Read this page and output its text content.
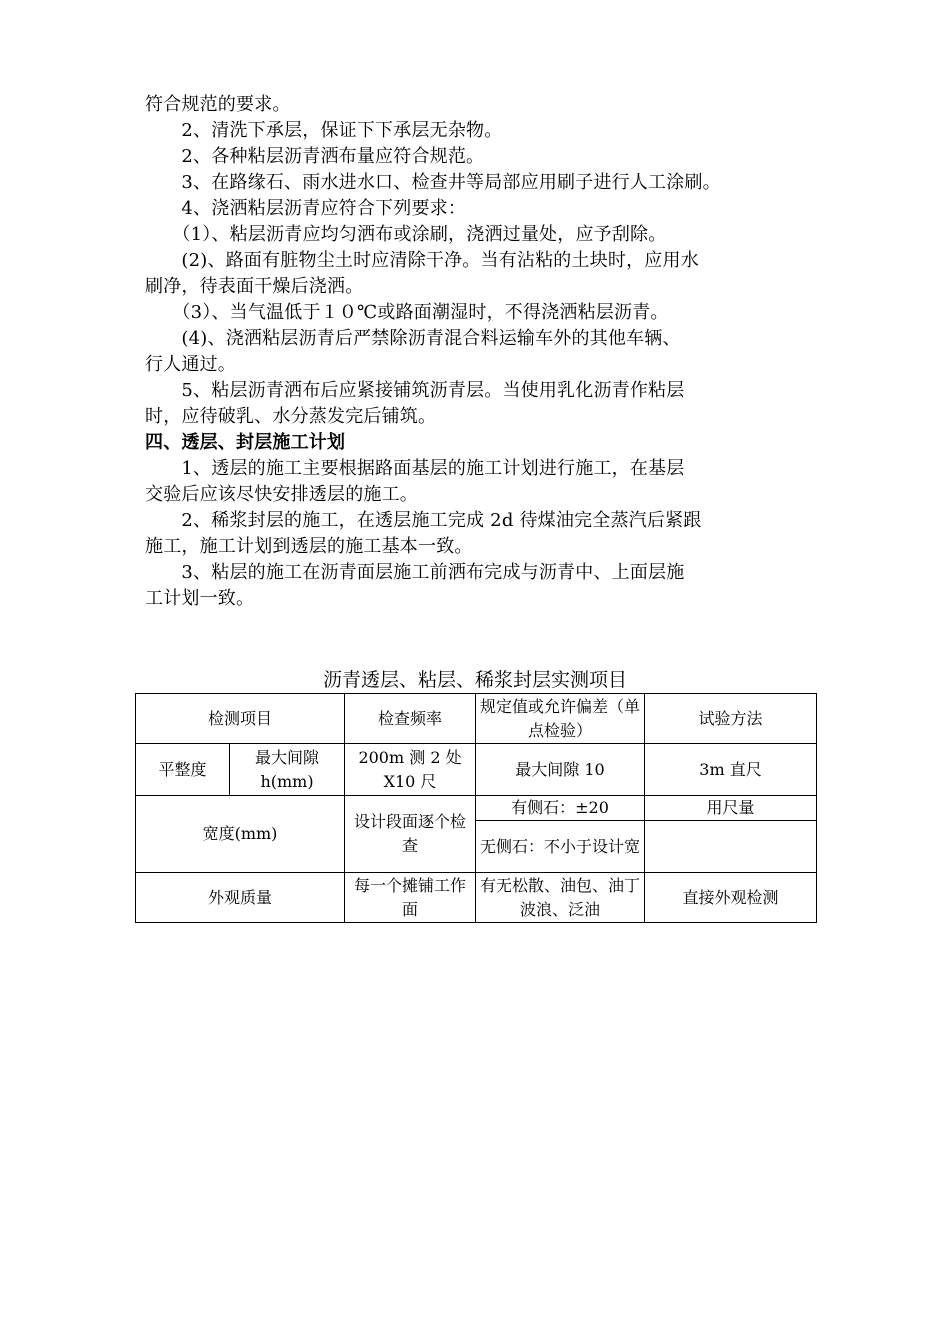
符合规范的要求。
　　2、清洗下承层，保证下下承层无杂物。
　　2、各种粘层沥青洒布量应符合规范。
　　3、在路缘石、雨水进水口、检查井等局部应用刷子进行人工涂刷。
　　4、浇洒粘层沥青应符合下列要求：
　　（1）、粘层沥青应均匀洒布或涂刷，浇洒过量处，应予刮除。
　　(2)、路面有脏物尘土时应清除干净。当有沾粘的土块时，应用水
刷净，待表面干燥后浇洒。
　　（3）、当气温低于１０℃或路面潮湿时，不得浇洒粘层沥青。
　　(4)、浇洒粘层沥青后严禁除沥青混合料运输车外的其他车辆、
行人通过。
　　5、粘层沥青洒布后应紧接铺筑沥青层。当使用乳化沥青作粘层
时，应待破乳、水分蒸发完后铺筑。
四、透层、封层施工计划
　　1、透层的施工主要根据路面基层的施工计划进行施工，在基层
交验后应该尽快安排透层的施工。
　　2、稀浆封层的施工，在透层施工完成 2d 待煤油完全蒸汽后紧跟
施工，施工计划到透层的施工基本一致。
　　3、粘层的施工在沥青面层施工前洒布完成与沥青中、上面层施
工计划一致。
沥青透层、粘层、稀浆封层实测项目
检测项目		检查频率	规定值或允许偏差（单点检验）	试验方法
平整度	最大间隙h(mm)	200m 测 2 处X10 尺	最大间隙 10	3m 直尺
宽度(mm)		设计段面逐个检查	有侧石：±20	用尺量
			无侧石：不小于设计宽	
外观质量		每一个摊铺工作面	有无松散、油包、油丁波浪、泛油	直接外观检测
